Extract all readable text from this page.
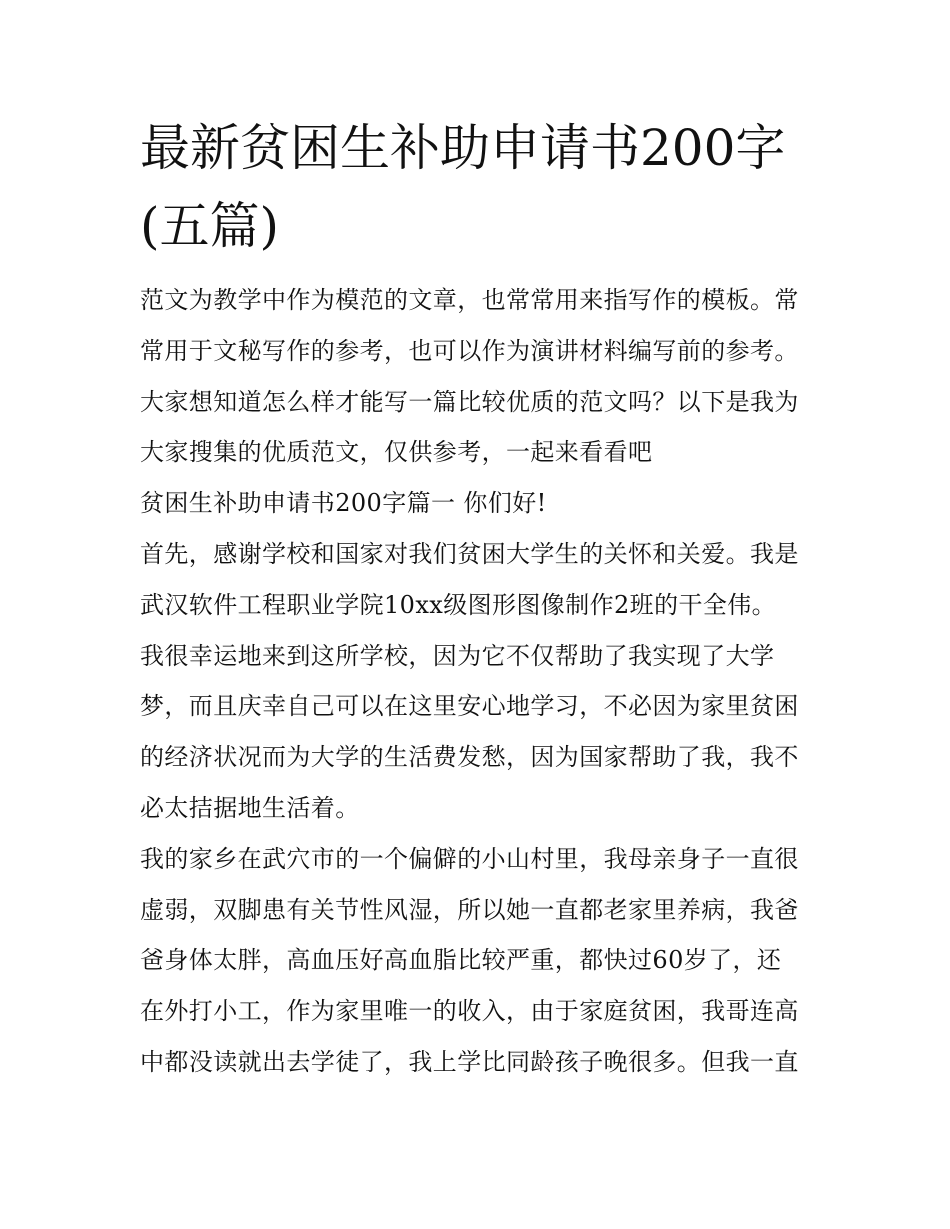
最新贫困生补助申请书200字
(五篇)
范文为教学中作为模范的文章，也常常用来指写作的模板。常
常用于文秘写作的参考，也可以作为演讲材料编写前的参考。
大家想知道怎么样才能写一篇比较优质的范文吗？以下是我为
大家搜集的优质范文，仅供参考，一起来看看吧
贫困生补助申请书200字篇一 你们好!
首先，感谢学校和国家对我们贫困大学生的关怀和关爱。我是
武汉软件工程职业学院10xx级图形图像制作2班的干全伟。
我很幸运地来到这所学校，因为它不仅帮助了我实现了大学
梦，而且庆幸自己可以在这里安心地学习，不必因为家里贫困
的经济状况而为大学的生活费发愁，因为国家帮助了我，我不
必太拮据地生活着。
我的家乡在武穴市的一个偏僻的小山村里，我母亲身子一直很
虚弱，双脚患有关节性风湿，所以她一直都老家里养病，我爸
爸身体太胖，高血压好高血脂比较严重，都快过60岁了，还
在外打小工，作为家里唯一的收入，由于家庭贫困，我哥连高
中都没读就出去学徒了，我上学比同龄孩子晚很多。但我一直
